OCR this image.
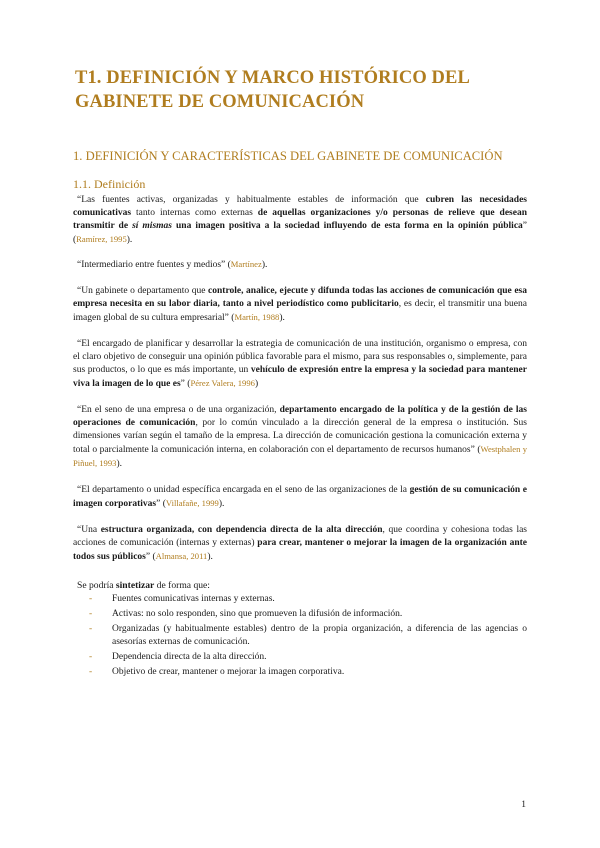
T1. DEFINICIÓN Y MARCO HISTÓRICO DEL GABINETE DE COMUNICACIÓN
1. DEFINICIÓN Y CARACTERÍSTICAS DEL GABINETE DE COMUNICACIÓN
1.1. Definición

“Las fuentes activas, organizadas y habitualmente estables de información que cubren las necesidades comunicativas tanto internas como externas de aquellas organizaciones y/o personas de relieve que desean transmitir de sí mismas una imagen positiva a la sociedad influyendo de esta forma en la opinión pública” (Ramírez, 1995).

“Intermediario entre fuentes y medios” (Martínez).

“Un gabinete o departamento que controle, analice, ejecute y difunda todas las acciones de comunicación que esa empresa necesita en su labor diaria, tanto a nivel periodístico como publicitario, es decir, el transmitir una buena imagen global de su cultura empresarial” (Martín, 1988).

“El encargado de planificar y desarrollar la estrategia de comunicación de una institución, organismo o empresa, con el claro objetivo de conseguir una opinión pública favorable para el mismo, para sus responsables o, simplemente, para sus productos, o lo que es más importante, un vehículo de expresión entre la empresa y la sociedad para mantener viva la imagen de lo que es” (Pérez Valera, 1996)

“En el seno de una empresa o de una organización, departamento encargado de la política y de la gestión de las operaciones de comunicación, por lo común vinculado a la dirección general de la empresa o institución. Sus dimensiones varían según el tamaño de la empresa. La dirección de comunicación gestiona la comunicación externa y total o parcialmente la comunicación interna, en colaboración con el departamento de recursos humanos” (Westphalen y Piñuel, 1993).

“El departamento o unidad específica encargada en el seno de las organizaciones de la gestión de su comunicación e imagen corporativas” (Villafañe, 1999).

“Una estructura organizada, con dependencia directa de la alta dirección, que coordina y cohesiona todas las acciones de comunicación (internas y externas) para crear, mantener o mejorar la imagen de la organización ante todos sus públicos” (Almansa, 2011).

Se podría sintetizar de forma que:

- Fuentes comunicativas internas y externas.
- Activas: no solo responden, sino que promueven la difusión de información.
- Organizadas (y habitualmente estables) dentro de la propia organización, a diferencia de las agencias o asesorías externas de comunicación.
- Dependencia directa de la alta dirección.
- Objetivo de crear, mantener o mejorar la imagen corporativa.
1
